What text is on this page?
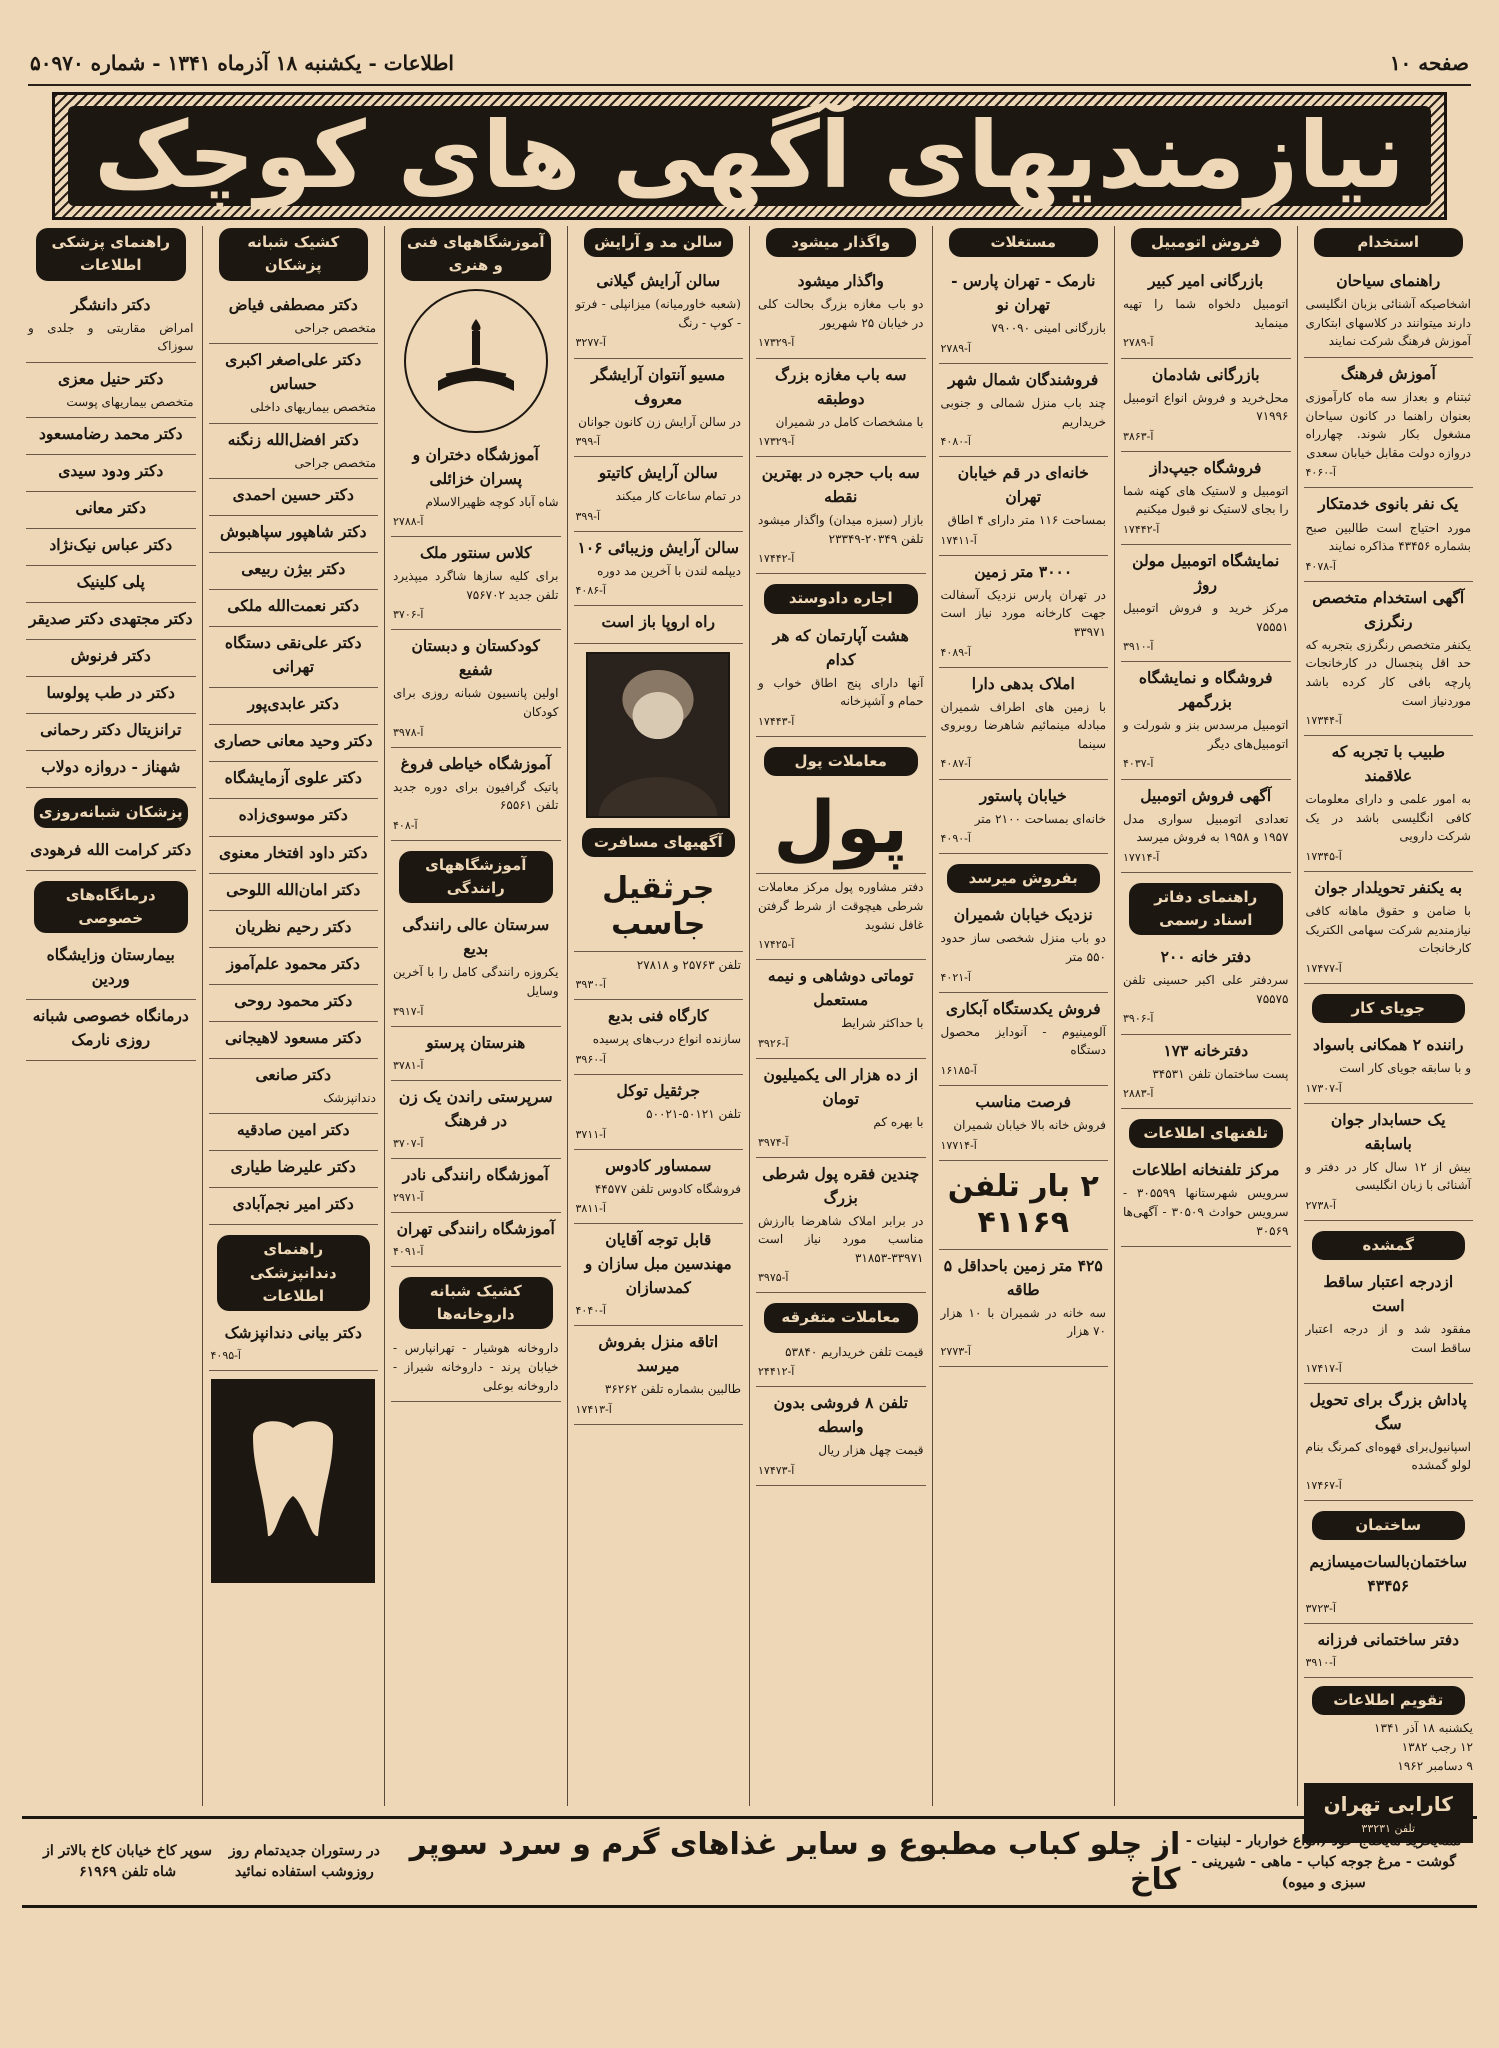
صفحه ۱۰
اطلاعات - یکشنبه ۱۸ آذرماه ۱۳۴۱ - شماره ۵۰۹۷۰
نیازمندیهای آگهی های کوچک
استخدام
راهنمای سیاحان
اشخاصیکه آشنائی بزبان انگلیسی دارند میتوانند در کلاسهای ابتکاری آموزش فرهنگ شرکت نمایند
آموزش فرهنگ
ثبتنام و بعداز سه ماه کارآموزی بعنوان راهنما در کانون سیاحان مشغول بکار شوند. چهارراه دروازه دولت مقابل خیابان سعدی
آ-۴۰۶۰
یک نفر بانوی خدمتکار
مورد احتیاج است طالبین صبح بشماره ۴۳۴۵۶ مذاکره نمایند
آ-۴۰۷۸
آگهی استخدام متخصص رنگرزی
یکنفر متخصص رنگرزی بتجربه که حد اقل پنجسال در کارخانجات پارچه بافی کار کرده باشد موردنیاز است
آ-۱۷۳۴۴
طبیب با تجربه که علاقمند
به امور علمی و دارای معلومات کافی انگلیسی باشد در یک شرکت دارویی
آ-۱۷۳۴۵
به یکنفر تحویلدار جوان
با ضامن و حقوق ماهانه کافی نیازمندیم شرکت سهامی الکتریک کارخانجات
آ-۱۷۴۷۷
جویای کار
راننده ۲ همکانی باسواد
و با سابقه جویای کار است
آ-۱۷۳۰۷
یک حسابدار جوان باسابقه
بیش از ۱۲ سال کار در دفتر و آشنائی با زبان انگلیسی
آ-۲۷۳۸
گمشده
ازدرجه اعتبار ساقط است
مفقود شد و از درجه اعتبار ساقط است
آ-۱۷۴۱۷
پاداش بزرگ برای تحویل سگ
اسپانیول‌برای قهوه‌ای کمرنگ بنام لولو گمشده
آ-۱۷۴۶۷
ساختمان
ساختمان‌بالسات‌میسازیم ۴۳۴۵۶
آ-۳۷۲۳
دفتر ساختمانی فرزانه
آ-۳۹۱۰
تقویم اطلاعات
یکشنبه ۱۸ آذر ۱۳۴۱
۱۲ رجب ۱۳۸۲
۹ دسامبر ۱۹۶۲
کارابی تهران
تلفن ۳۳۲۳۱
فروش اتومبیل
بازرگانی امیر کبیر
اتومبیل دلخواه شما را تهیه مینماید
آ-۲۷۸۹
بازرگانی شادمان
محل‌خرید و فروش انواع اتومبیل ۷۱۹۹۶
آ-۳۸۶۳
فروشگاه جیپ‌داز
اتومبیل و لاستیک های کهنه شما را بجای لاستیک نو قبول میکنیم
آ-۱۷۴۴۲
نمایشگاه اتومبیل مولن روژ
مرکز خرید و فروش اتومبیل ۷۵۵۵۱
آ-۳۹۱۰
فروشگاه و نمایشگاه بزرگمهر
اتومبیل مرسدس بنز و شورلت و اتومبیل‌های دیگر
آ-۴۰۳۷
آگهی فروش اتومبیل
تعدادی اتومبیل سواری مدل ۱۹۵۷ و ۱۹۵۸ به فروش میرسد
آ-۱۷۷۱۴
راهنمای دفاتر اسناد رسمی
دفتر خانه ۲۰۰
سردفتر علی اکبر حسینی تلفن ۷۵۵۷۵
آ-۳۹۰۶
دفترخانه ۱۷۳
پست‌ ساختمان تلفن ۳۴۵۳۱
آ-۲۸۸۳
تلفنهای اطلاعات
مرکز تلفنخانه اطلاعات
سرویس شهرستانها ۳۰۵۵۹۹ - سرویس حوادث ۳۰۵۰۹ - آگهی‌ها ۳۰۵۶۹
مستغلات
نارمک - تهران پارس - تهران نو
بازرگانی امینی ۷۹۰۰۹۰
آ-۲۷۸۹
فروشندگان شمال شهر
چند باب منزل شمالی و جنوبی خریداریم
آ-۴۰۸۰
خانه‌ای در قم خیابان تهران
بمساحت ۱۱۶ متر دارای ۴ اطاق
آ-۱۷۴۱۱
۳۰۰۰ متر زمین
در تهران پارس نزدیک آسفالت جهت کارخانه مورد نیاز است ۳۳۹۷۱
آ-۴۰۸۹
املاک بدهی دارا
با زمین های اطراف شمیران مبادله مینمائیم شاهرضا روبروی سینما
آ-۴۰۸۷
خیابان پاستور
خانه‌ای بمساحت ۲۱۰۰ متر
آ-۴۰۹۰
بفروش میرسد
نزدیک خیابان شمیران
دو باب منزل شخصی ساز حدود ۵۵۰ متر
آ-۴۰۲۱
فروش یکدستگاه آبکاری
آلومینیوم - آنودایز محصول دستگاه
آ-۱۶۱۸۵
فرصت مناسب
فروش خانه بالا خیابان شمیران
آ-۱۷۷۱۴
۲ بار تلفن ۴۱۱۶۹
۴۲۵ متر زمین باحداقل ۵ طاقه
سه خانه در شمیران با ۱۰ هزار ۷۰ هزار
آ-۲۷۷۳
واگذار میشود
واگذار میشود
دو باب مغازه بزرگ بحالت کلی در خیابان ۲۵ شهریور
آ-۱۷۳۲۹
سه باب مغازه بزرگ دوطبقه
با مشخصات کامل در شمیران
آ-۱۷۳۲۹
سه باب حجره در بهترین نقطه
بازار (سبزه میدان) واگذار میشود تلفن ۲۰۳۴۹-۲۳۳۴۹
آ-۱۷۴۴۲
اجاره دادوستد
هشت آپارتمان که هر کدام
آنها دارای پنج اطاق خواب و حمام و آشپزخانه
آ-۱۷۴۴۳
معاملات پول
پول
دفتر مشاوره پول مرکز معاملات شرطی هیچوقت از شرط گرفتن غافل نشوید
آ-۱۷۴۲۵
توماتی دوشاهی و نیمه مستعمل
با حداکثر شرایط
آ-۳۹۲۶
از ده هزار الی یکمیلیون تومان
با بهره کم
آ-۳۹۷۴
چندین فقره پول شرطی بزرگ
در برابر املاک شاهرضا باارزش مناسب مورد نیاز است ۳۳۹۷۱-۳۱۸۵۳
آ-۳۹۷۵
معاملات متفرقه
قیمت تلفن خریداریم ۵۳۸۴۰
آ-۲۴۴۱۲
تلفن ۸ فروشی بدون واسطه
قیمت چهل هزار ریال
آ-۱۷۴۷۳
سالن مد و آرایش
سالن آرایش گیلانی
(شعبه خاورمیانه) میزانپلی - فرتو - کوپ - رنگ
آ-۳۲۷۷
مسیو آنتوان آرایشگر معروف
در سالن آرایش زن کانون جوانان
آ-۳۹۹
سالن آرایش کاتیتو
در تمام ساعات کار میکند
آ-۳۹۹
سالن آرایش وزیبائی ۱۰۶
دیپلمه لندن با آخرین مد دوره
آ-۴۰۸۶
راه اروپا باز است
آگهیهای مسافرت
جرثقیل جاسب
تلفن ۲۵۷۶۳ و ۲۷۸۱۸
آ-۳۹۳۰
کارگاه فنی بدیع
سازنده انواع درب‌های پرسیده
آ-۳۹۶۰
جرثقیل توکل
تلفن ۵۰۱۲۱-۵۰۰۲۱
آ-۳۷۱۱
سمساور کادوس
فروشگاه کادوس تلفن ۴۴۵۷۷
آ-۳۸۱۱
قابل توجه آقایان مهندسین مبل سازان و کمدسازان
آ-۴۰۴۰
اتاقه منزل بفروش میرسد
طالبین بشماره تلفن ۳۶۲۶۲
آ-۱۷۴۱۳
آموزشگاههای فنی و هنری
آموزشگاه دختران و پسران خزائلی
شاه آباد کوچه ظهیرالاسلام
آ-۲۷۸۸
کلاس سنتور ملک
برای کلیه سازها شاگرد میپذیرد تلفن جدید ۷۵۶۷۰۲
آ-۳۷۰۶
کودکستان و دبستان شفیع
اولین پانسیون شبانه روزی برای کودکان
آ-۳۹۷۸
آموزشگاه خیاطی فروغ
پاتیک گرافیون برای دوره جدید تلفن ۶۵۵۶۱
آ-۴۰۸
آموزشگاههای رانندگی
سرستان عالی رانندگی بدیع
یکروزه رانندگی کامل را با آخرین وسایل
آ-۳۹۱۷
هنرستان پرستو
آ-۳۷۸۱
سرپرستی راندن یک زن در فرهنگ
آ-۳۷۰۷
آموزشگاه رانندگی نادر
آ-۲۹۷۱
آموزشگاه رانندگی تهران
آ-۴۰۹۱
کشیک شبانه داروخانه‌ها
داروخانه هوشیار - تهرانپارس - خیابان پرند - داروخانه شیراز - داروخانه بوعلی
کشیک شبانه پزشکان
دکتر مصطفی فیاض
متخصص جراحی
دکتر علی‌اصغر اکبری حساس
متخصص بیماریهای داخلی
دکتر افضل‌الله زنگنه
متخصص جراحی
دکتر حسین احمدی
دکتر شاهپور سپاهبوش
دکتر بیژن ربیعی
دکتر نعمت‌الله ملکی
دکتر علی‌نقی دستگاه تهرانی
دکتر عابدی‌پور
دکتر وحید معانی حصاری
دکتر علوی آزمایشگاه
دکتر موسوی‌زاده
دکتر داود افتخار معنوی
دکتر امان‌الله اللوحی
دکتر رحیم نظریان
دکتر محمود علم‌آموز
دکتر محمود روحی
دکتر مسعود لاهیجانی
دکتر صانعی
دندانپزشک
دکتر امین صادقیه
دکتر علیرضا طیاری
دکتر امیر نجم‌آبادی
راهنمای دندانپزشکی اطلاعات
دکتر بیانی دندانپزشک
آ-۴۰۹۵
راهنمای پزشکی اطلاعات
دکتر دانشگر
امراض مقاربتی و جلدی و سوزاک
دکتر حنیل معزی
متخصص بیماریهای پوست
دکتر محمد رضامسعود
دکتر ودود سیدی
دکتر معانی
دکتر عباس نیک‌نژاد
پلی کلینیک
دکتر مجتهدی دکتر صدیقر
دکتر فرنوش
دکتر در طب پولوسا
ترانزیتال دکتر رحمانی
شهناز - دروازه دولاب
پزشکان شبانه‌روزی
دکتر کرامت الله فرهودی
درمانگاه‌های خصوصی
بیمارستان وزایشگاه وردین
درمانگاه خصوصی شبانه روزی نارمک
تمنه‌یخرید مایحتاج خود (انواع خواربار - لبنیات - گوشت - مرغ جوجه کباب - ماهی - شیرینی - سبزی و میوه)
از چلو کباب مطبوع و سایر غذاهای گرم و سرد سوپر کاخ
در رستوران جدیدتمام روز روزوشب استفاده نمائید
سوپر کاخ خیابان کاخ بالاتر از شاه تلفن ۶۱۹۶۹
